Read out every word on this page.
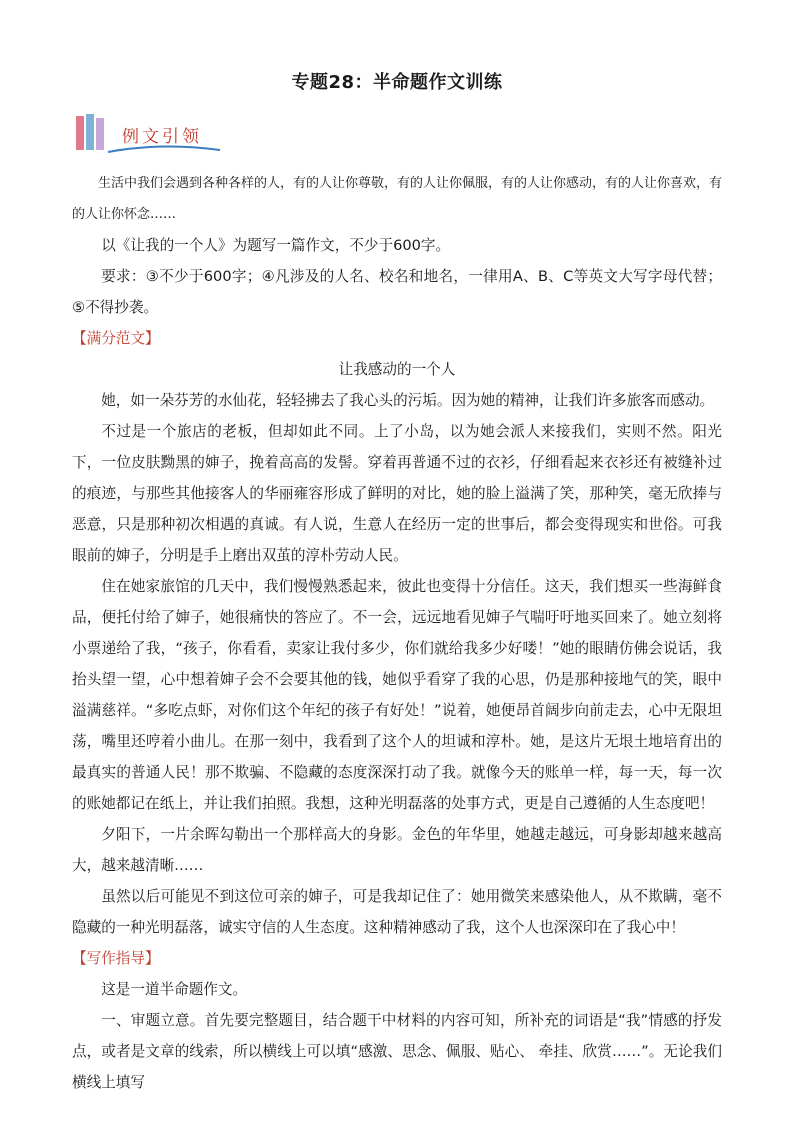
专题28：半命题作文训练
例文引领

生活中我们会遇到各种各样的人，有的人让你尊敬，有的人让你佩服，有的人让你感动，有的人让你喜欢，有的人让你怀念……

以《让我的一个人》为题写一篇作文，不少于600字。

要求：③不少于600字；④凡涉及的人名、校名和地名，一律用A、B、C等英文大写字母代替；⑤不得抄袭。

【满分范文】

让我感动的一个人

她，如一朵芬芳的水仙花，轻轻拂去了我心头的污垢。因为她的精神，让我们许多旅客而感动。

不过是一个旅店的老板，但却如此不同。上了小岛，以为她会派人来接我们，实则不然。阳光下，一位皮肤黝黑的婶子，挽着高高的发髻。穿着再普通不过的衣衫，仔细看起来衣衫还有被缝补过的痕迹，与那些其他接客人的华丽雍容形成了鲜明的对比，她的脸上溢满了笑，那种笑，毫无欣捧与恶意，只是那种初次相遇的真诚。有人说，生意人在经历一定的世事后，都会变得现实和世俗。可我眼前的婶子，分明是手上磨出双茧的淳朴劳动人民。

住在她家旅馆的几天中，我们慢慢熟悉起来，彼此也变得十分信任。这天，我们想买一些海鲜食品，便托付给了婶子，她很痛快的答应了。不一会，远远地看见婶子气喘吁吁地买回来了。她立刻将小票递给了我，“孩子，你看看，卖家让我付多少，你们就给我多少好喽！”她的眼睛仿佛会说话，我抬头望一望，心中想着婶子会不会要其他的钱，她似乎看穿了我的心思，仍是那种接地气的笑，眼中溢满慈祥。“多吃点虾，对你们这个年纪的孩子有好处！”说着，她便昂首阔步向前走去，心中无限坦荡，嘴里还哼着小曲儿。在那一刻中，我看到了这个人的坦诚和淳朴。她，是这片无垠土地培育出的最真实的普通人民！那不欺骗、不隐藏的态度深深打动了我。就像今天的账单一样，每一天，每一次的账她都记在纸上，并让我们拍照。我想，这种光明磊落的处事方式，更是自己遵循的人生态度吧！

夕阳下，一片余晖勾勒出一个那样高大的身影。金色的年华里，她越走越远，可身影却越来越高大，越来越清晰……

虽然以后可能见不到这位可亲的婶子，可是我却记住了：她用微笑来感染他人，从不欺瞒，毫不隐藏的一种光明磊落，诚实守信的人生态度。这种精神感动了我，这个人也深深印在了我心中！

【写作指导】

这是一道半命题作文。

一、审题立意。首先要完整题目，结合题干中材料的内容可知，所补充的词语是“我”情感的抒发点，或者是文章的线索，所以横线上可以填“感激、思念、佩服、贴心、 牵挂、欣赏……”。无论我们横线上填写
